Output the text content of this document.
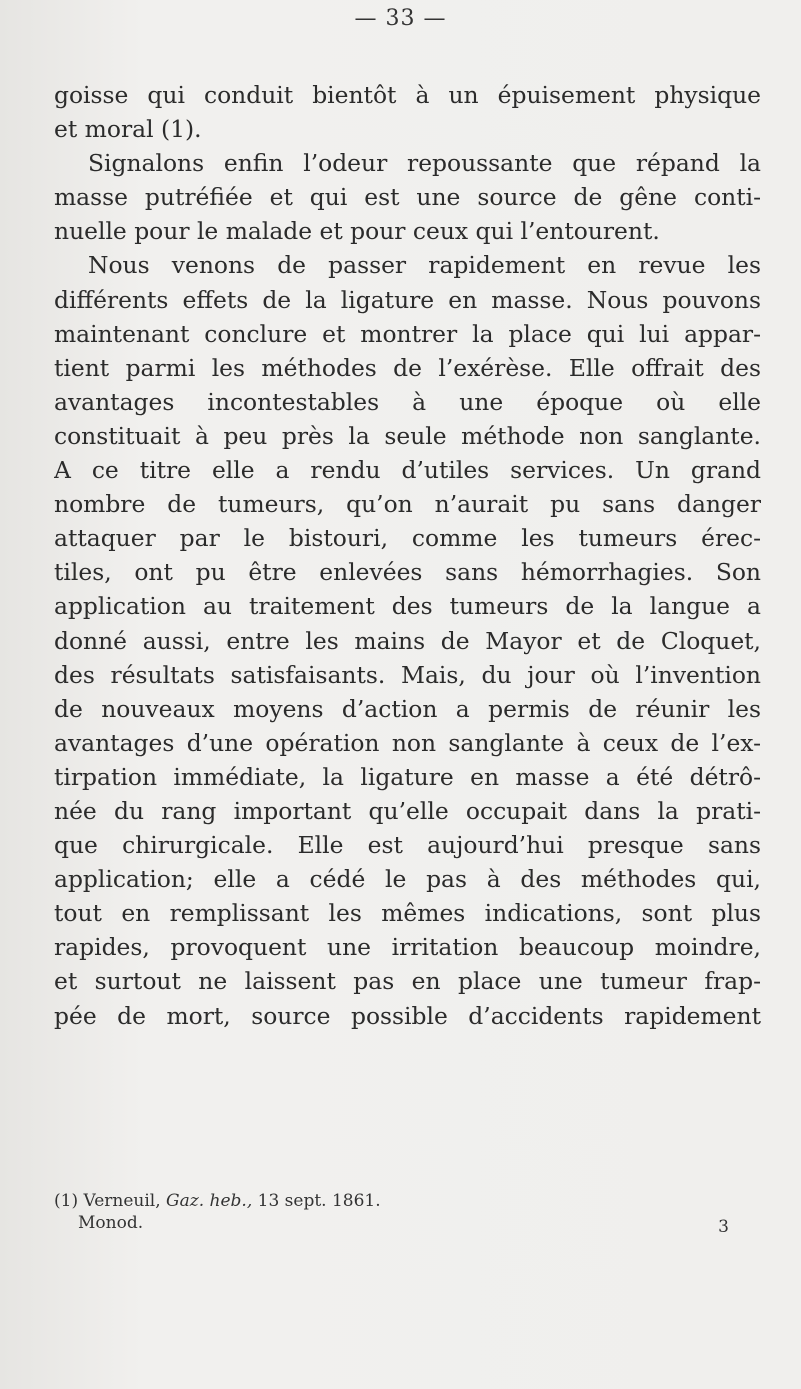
— 33 —
goisse qui conduit bientôt à un épuisement physique
et moral (1).
Signalons enfin l’odeur repoussante que répand la
masse putréfiée et qui est une source de gêne conti-
nuelle pour le malade et pour ceux qui l’entourent.
Nous venons de passer rapidement en revue les
différents effets de la ligature en masse. Nous pouvons
maintenant conclure et montrer la place qui lui appar-
tient parmi les méthodes de l’exérèse. Elle offrait des
avantages incontestables à une époque où elle
constituait à peu près la seule méthode non sanglante.
A ce titre elle a rendu d’utiles services. Un grand
nombre de tumeurs, qu’on n’aurait pu sans danger
attaquer par le bistouri, comme les tumeurs érec-
tiles, ont pu être enlevées sans hémorrhagies. Son
application au traitement des tumeurs de la langue a
donné aussi, entre les mains de Mayor et de Cloquet,
des résultats satisfaisants. Mais, du jour où l’invention
de nouveaux moyens d’action a permis de réunir les
avantages d’une opération non sanglante à ceux de l’ex-
tirpation immédiate, la ligature en masse a été détrô-
née du rang important qu’elle occupait dans la prati-
que chirurgicale. Elle est aujourd’hui presque sans
application; elle a cédé le pas à des méthodes qui,
tout en remplissant les mêmes indications, sont plus
rapides, provoquent une irritation beaucoup moindre,
et surtout ne laissent pas en place une tumeur frap-
pée de mort, source possible d’accidents rapidement
(1) Verneuil, Gaz. heb., 13 sept. 1861.
Monod.	3
